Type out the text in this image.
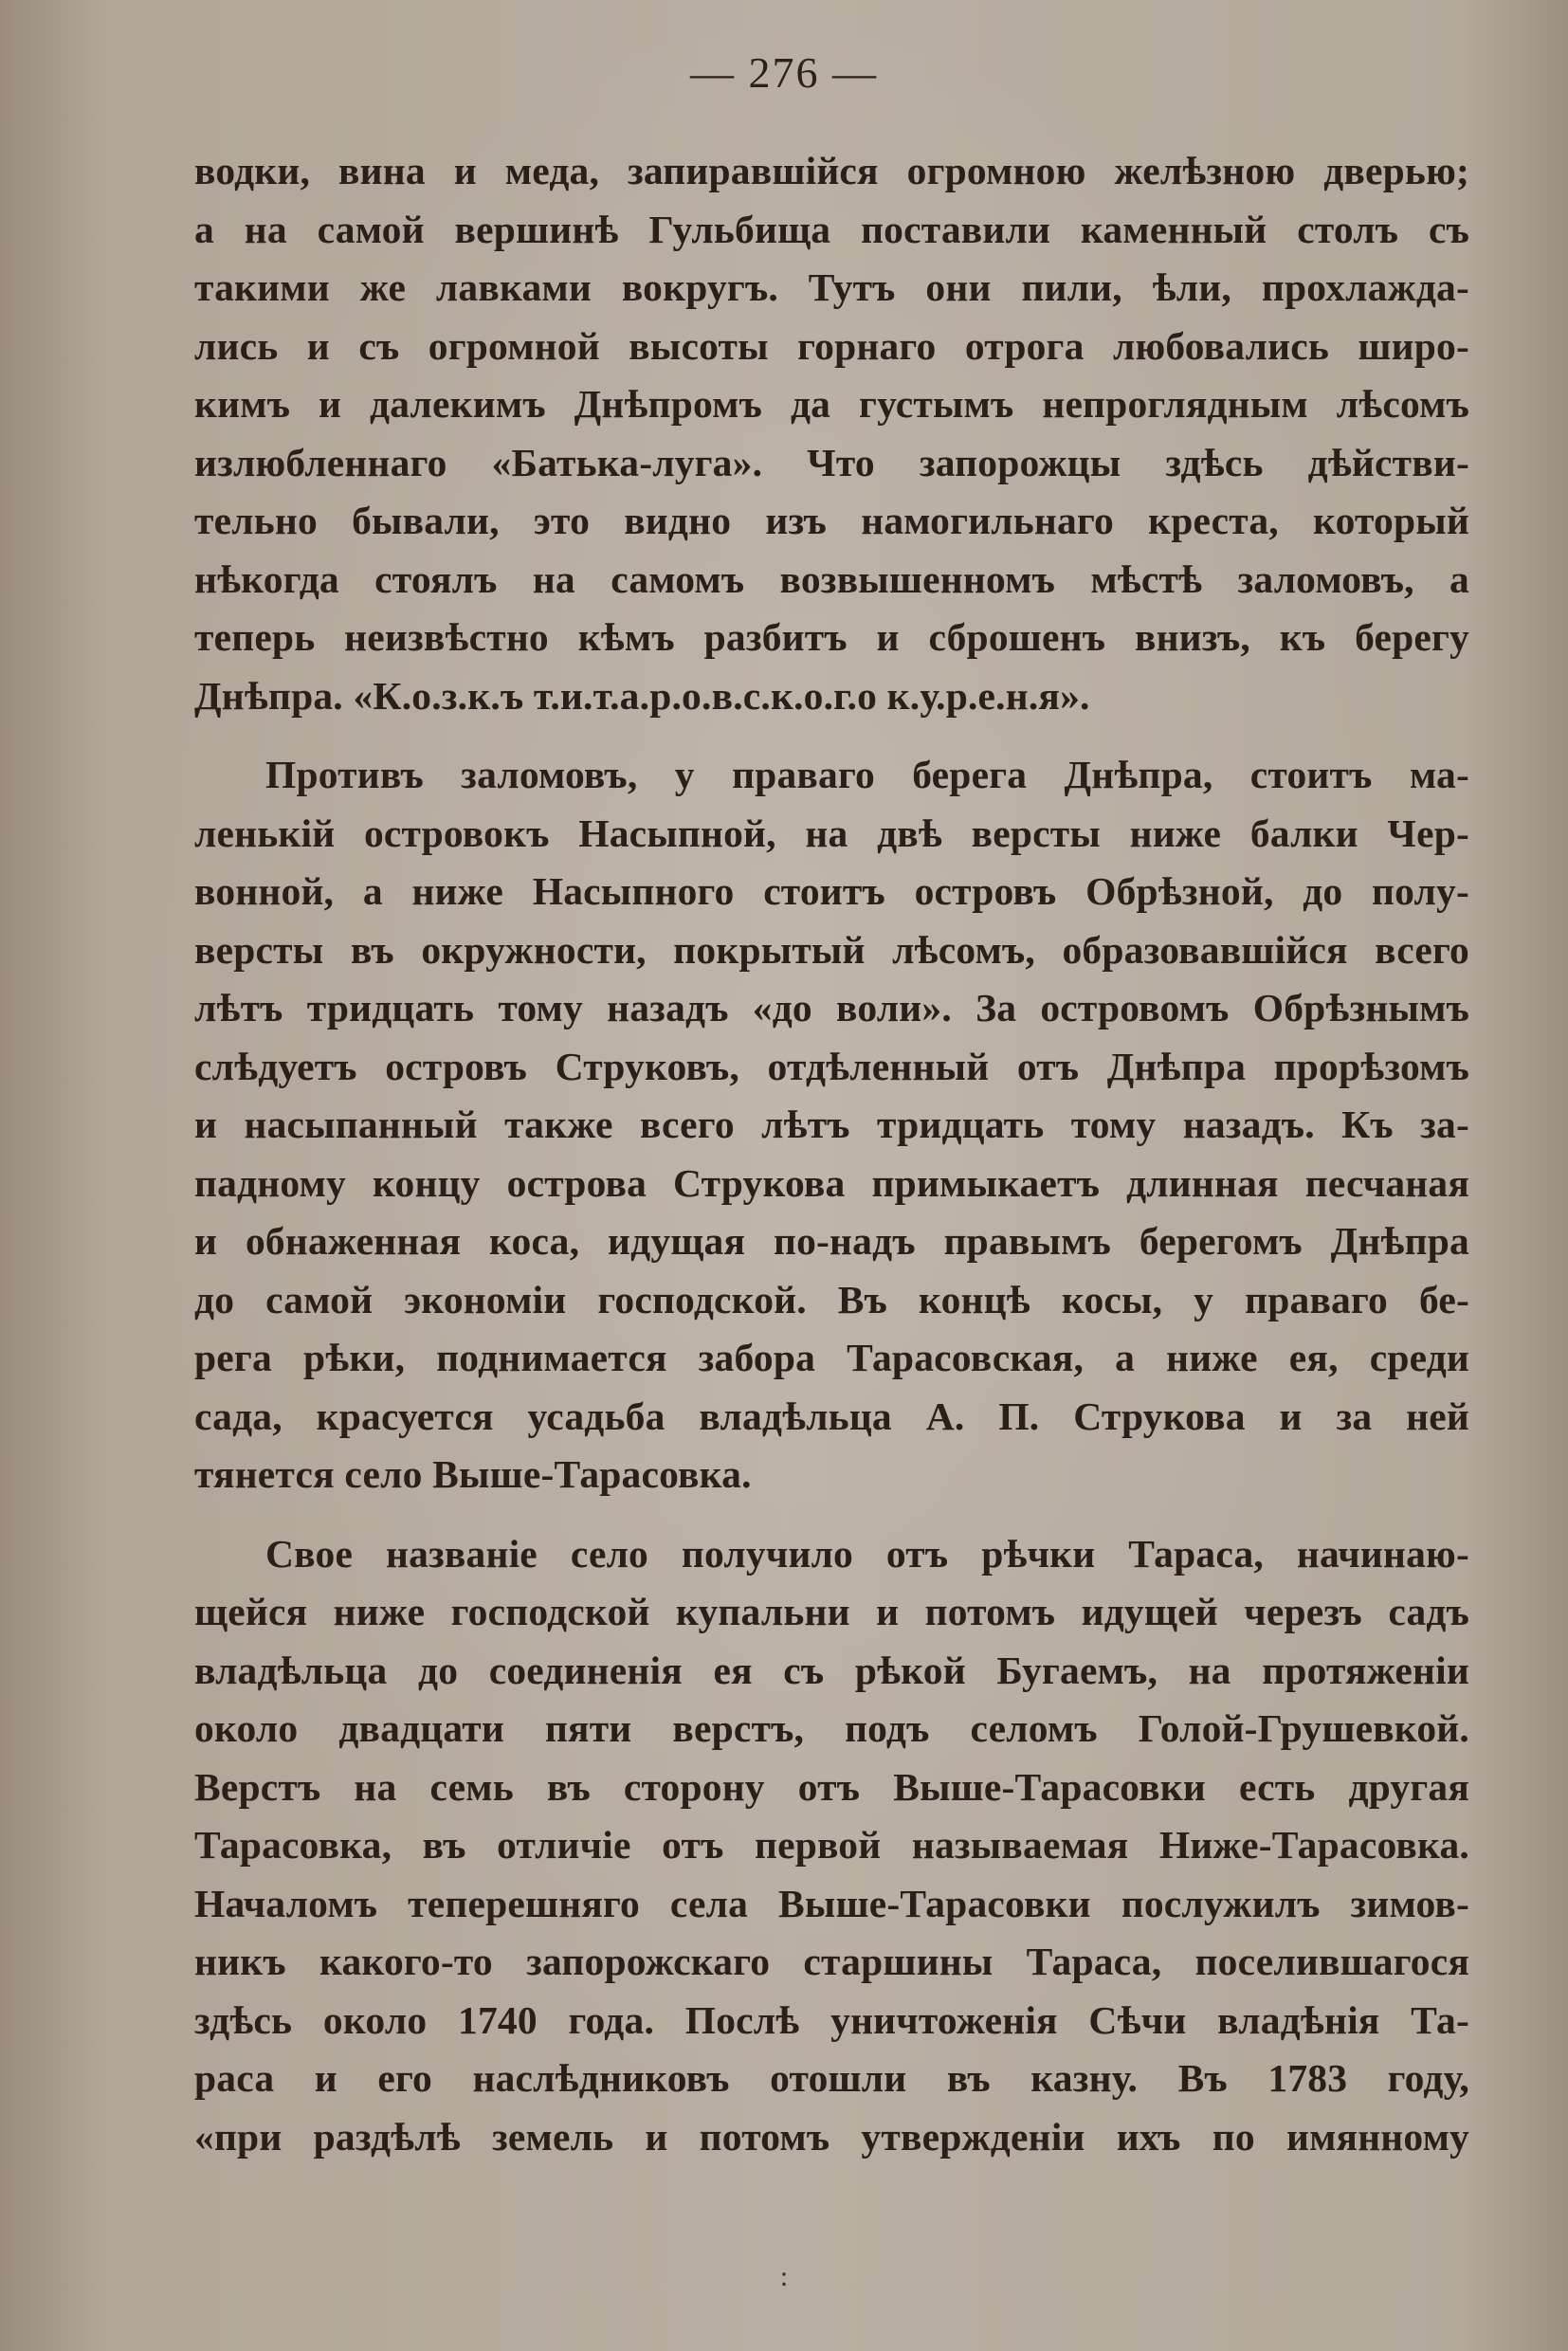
— 276 —
водки, вина и меда, запиравшійся огромною желѣзною дверью;
а на самой вершинѣ Гульбища поставили каменный столъ съ
такими же лавками вокругъ. Тутъ они пили, ѣли, прохлажда-
лись и съ огромной высоты горнаго отрога любовались широ-
кимъ и далекимъ Днѣпромъ да густымъ непроглядным лѣсомъ
излюбленнаго «Батька-луга». Что запорожцы здѣсь дѣйстви-
тельно бывали, это видно изъ намогильнаго креста, который
нѣкогда стоялъ на самомъ возвышенномъ мѣстѣ заломовъ, а
теперь неизвѣстно кѣмъ разбитъ и сброшенъ внизъ, къ берегу
Днѣпра. «К.о.з.к.ъ т.и.т.а.р.о.в.с.к.о.г.о к.у.р.е.н.я».
Противъ заломовъ, у праваго берега Днѣпра, стоитъ ма-
ленькій островокъ Насыпной, на двѣ версты ниже балки Чер-
вонной, а ниже Насыпного стоитъ островъ Обрѣзной, до полу-
версты въ окружности, покрытый лѣсомъ, образовавшійся всего
лѣтъ тридцать тому назадъ «до воли». За островомъ Обрѣзнымъ
слѣдуетъ островъ Струковъ, отдѣленный отъ Днѣпра прорѣзомъ
и насыпанный также всего лѣтъ тридцать тому назадъ. Къ за-
падному концу острова Струкова примыкаетъ длинная песчаная
и обнаженная коса, идущая по-надъ правымъ берегомъ Днѣпра
до самой экономіи господской. Въ концѣ косы, у праваго бе-
рега рѣки, поднимается забора Тарасовская, а ниже ея, среди
сада, красуется усадьба владѣльца А. П. Струкова и за ней
тянется село Выше-Тарасовка.
Свое названіе село получило отъ рѣчки Тараса, начинаю-
щейся ниже господской купальни и потомъ идущей черезъ садъ
владѣльца до соединенія ея съ рѣкой Бугаемъ, на протяженіи
около двадцати пяти верстъ, подъ селомъ Голой-Грушевкой.
Верстъ на семь въ сторону отъ Выше-Тарасовки есть другая
Тарасовка, въ отличіе отъ первой называемая Ниже-Тарасовка.
Началомъ теперешняго села Выше-Тарасовки послужилъ зимов-
никъ какого-то запорожскаго старшины Тараса, поселившагося
здѣсь около 1740 года. Послѣ уничтоженія Сѣчи владѣнія Та-
раса и его наслѣдниковъ отошли въ казну. Въ 1783 году,
«при раздѣлѣ земель и потомъ утвержденіи ихъ по имянному
:
